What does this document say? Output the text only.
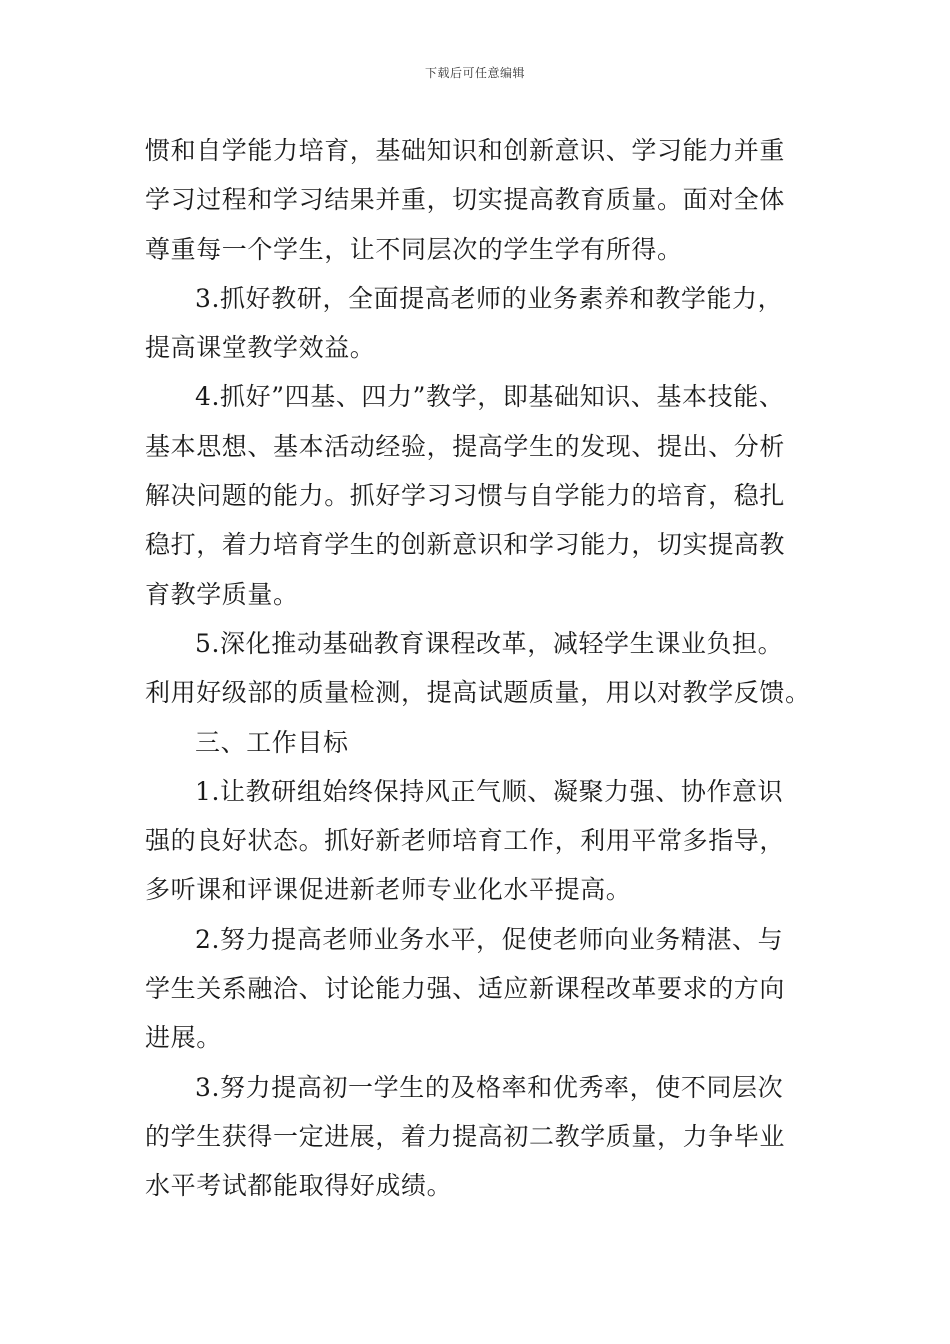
下载后可任意编辑
惯和自学能力培育，基础知识和创新意识、学习能力并重
学习过程和学习结果并重，切实提高教育质量。面对全体
尊重每一个学生，让不同层次的学生学有所得。
3.抓好教研，全面提高老师的业务素养和教学能力，
提高课堂教学效益。
4.抓好”四基、四力”教学，即基础知识、基本技能、
基本思想、基本活动经验，提高学生的发现、提出、分析
解决问题的能力。抓好学习习惯与自学能力的培育，稳扎
稳打，着力培育学生的创新意识和学习能力，切实提高教
育教学质量。
5.深化推动基础教育课程改革，减轻学生课业负担。
利用好级部的质量检测，提高试题质量，用以对教学反馈。
三、工作目标
1.让教研组始终保持风正气顺、凝聚力强、协作意识
强的良好状态。抓好新老师培育工作，利用平常多指导，
多听课和评课促进新老师专业化水平提高。
2.努力提高老师业务水平，促使老师向业务精湛、与
学生关系融洽、讨论能力强、适应新课程改革要求的方向
进展。
3.努力提高初一学生的及格率和优秀率，使不同层次
的学生获得一定进展，着力提高初二教学质量，力争毕业
水平考试都能取得好成绩。
